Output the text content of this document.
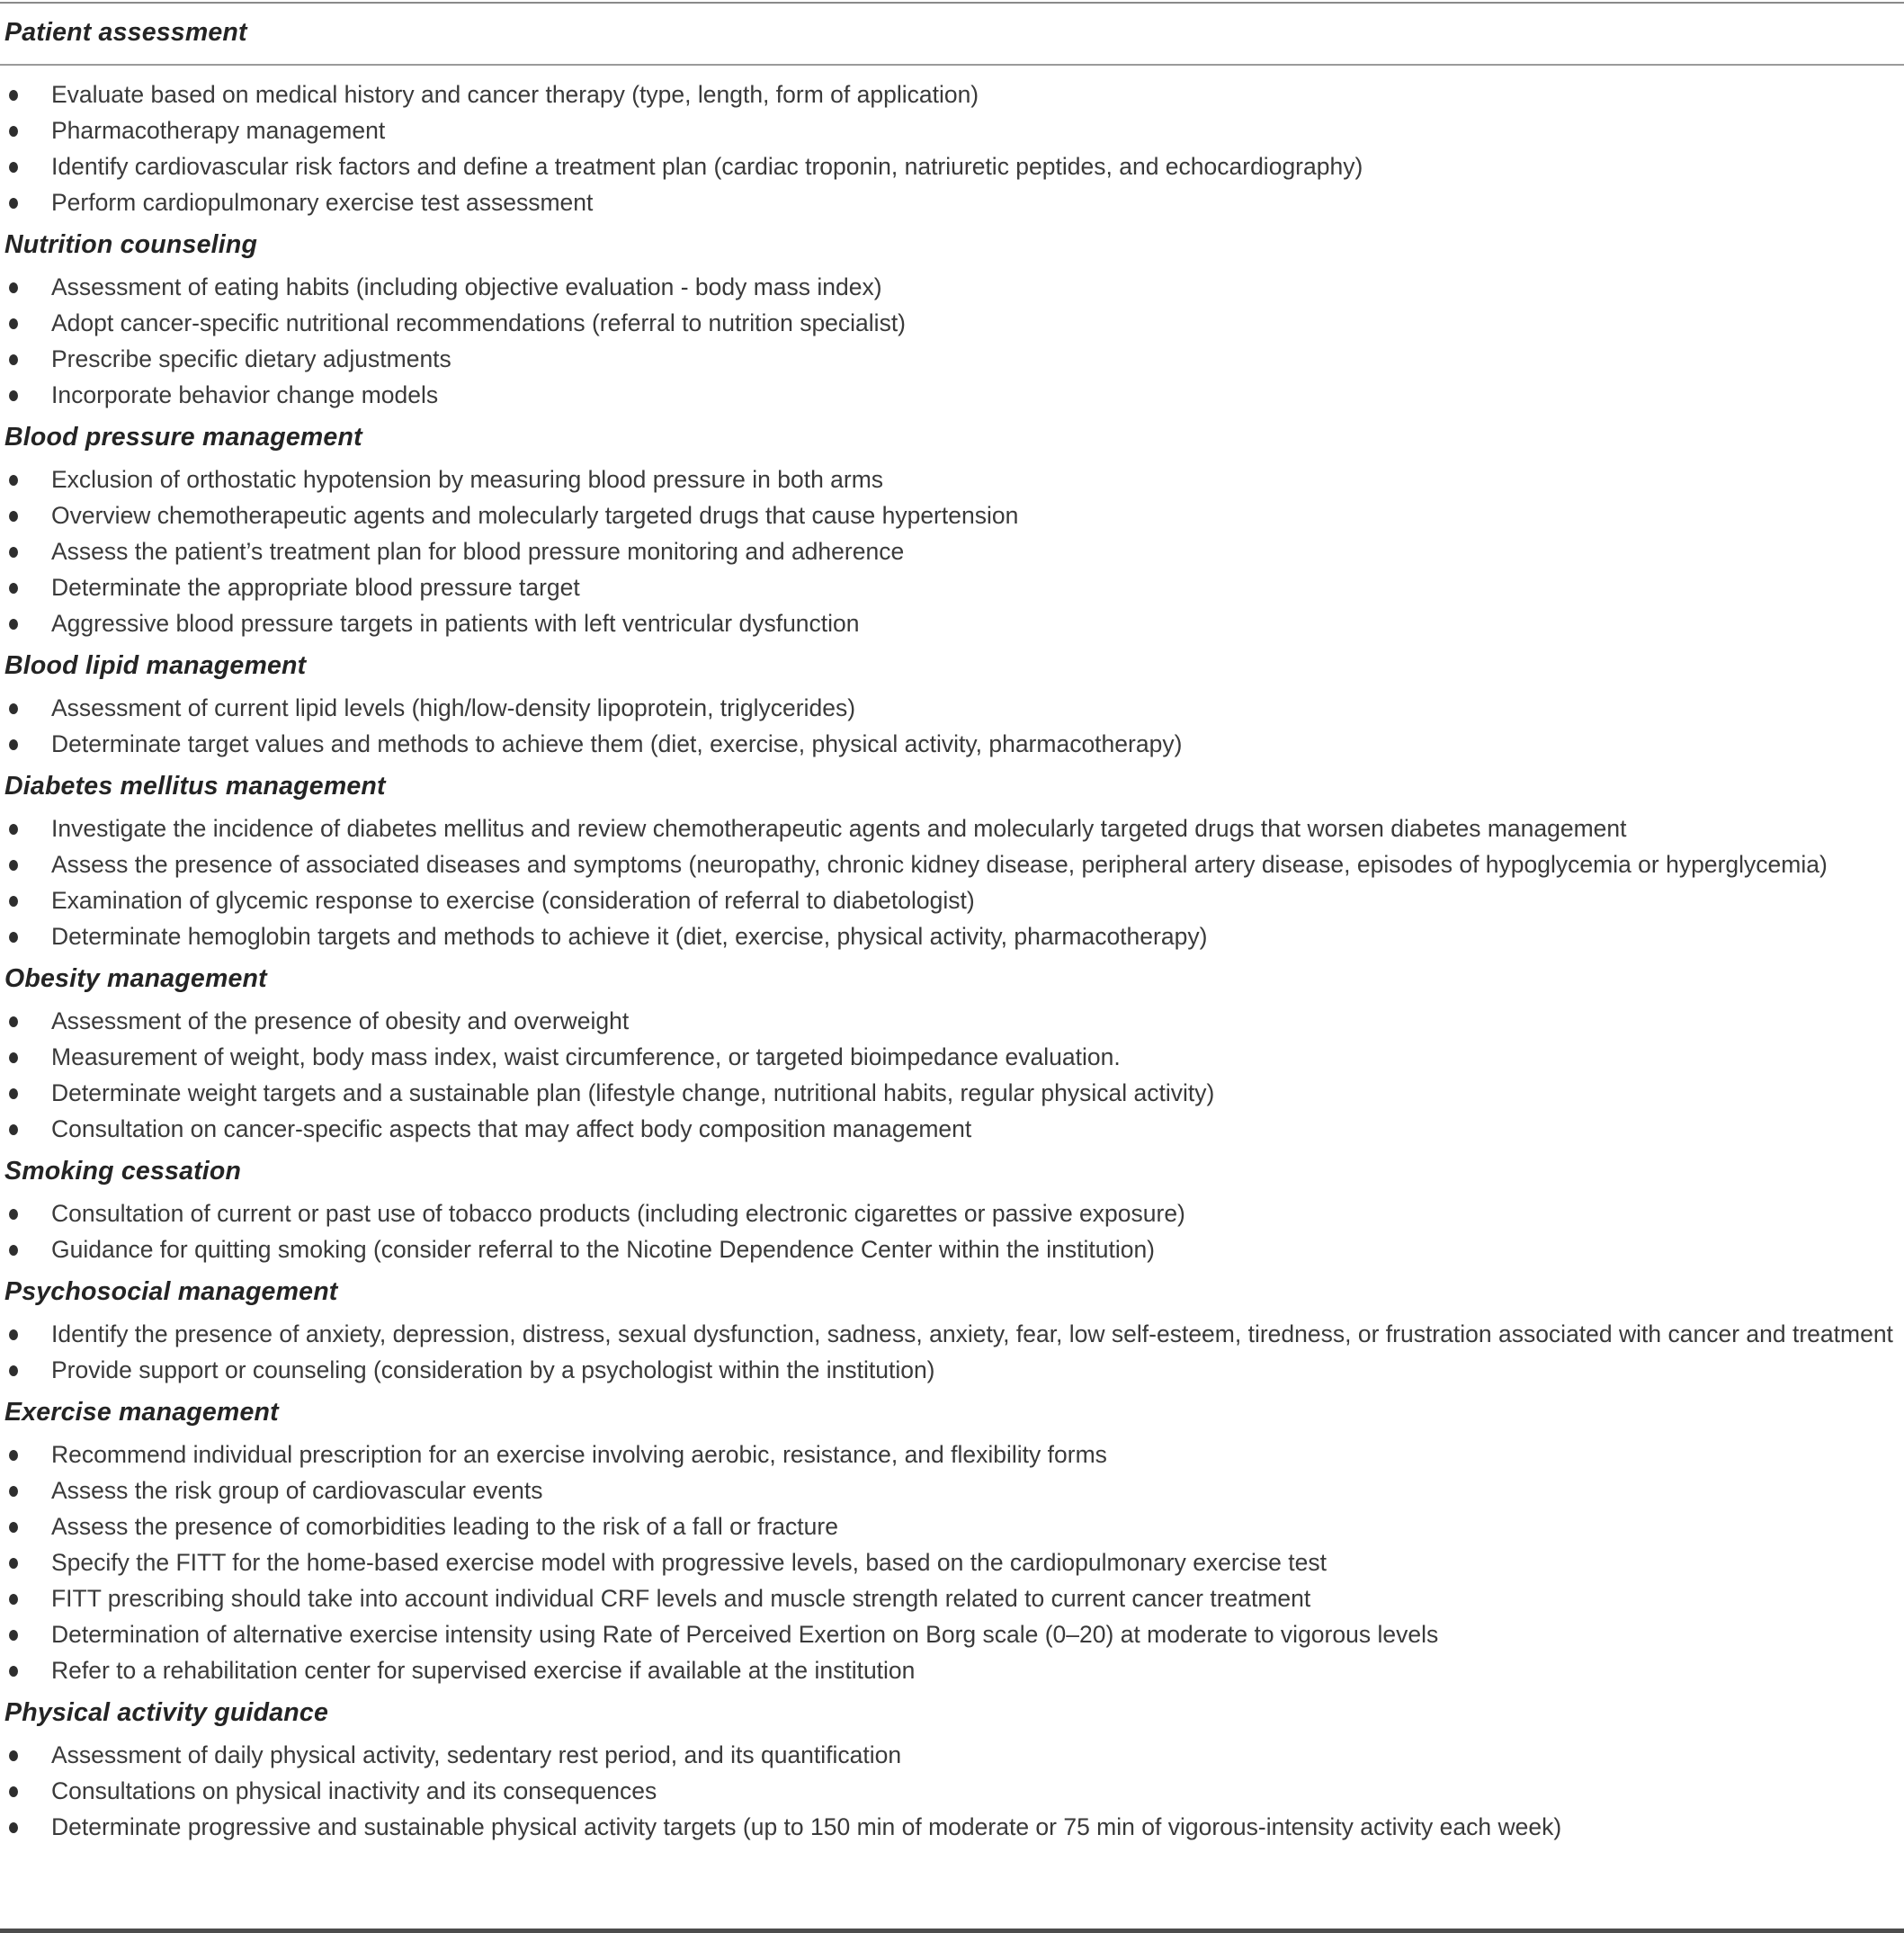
Patient assessment
Evaluate based on medical history and cancer therapy (type, length, form of application)
Pharmacotherapy management
Identify cardiovascular risk factors and define a treatment plan (cardiac troponin, natriuretic peptides, and echocardiography)
Perform cardiopulmonary exercise test assessment
Nutrition counseling
Assessment of eating habits (including objective evaluation - body mass index)
Adopt cancer-specific nutritional recommendations (referral to nutrition specialist)
Prescribe specific dietary adjustments
Incorporate behavior change models
Blood pressure management
Exclusion of orthostatic hypotension by measuring blood pressure in both arms
Overview chemotherapeutic agents and molecularly targeted drugs that cause hypertension
Assess the patient’s treatment plan for blood pressure monitoring and adherence
Determinate the appropriate blood pressure target
Aggressive blood pressure targets in patients with left ventricular dysfunction
Blood lipid management
Assessment of current lipid levels (high/low-density lipoprotein, triglycerides)
Determinate target values and methods to achieve them (diet, exercise, physical activity, pharmacotherapy)
Diabetes mellitus management
Investigate the incidence of diabetes mellitus and review chemotherapeutic agents and molecularly targeted drugs that worsen diabetes management
Assess the presence of associated diseases and symptoms (neuropathy, chronic kidney disease, peripheral artery disease, episodes of hypoglycemia or hyperglycemia)
Examination of glycemic response to exercise (consideration of referral to diabetologist)
Determinate hemoglobin targets and methods to achieve it (diet, exercise, physical activity, pharmacotherapy)
Obesity management
Assessment of the presence of obesity and overweight
Measurement of weight, body mass index, waist circumference, or targeted bioimpedance evaluation.
Determinate weight targets and a sustainable plan (lifestyle change, nutritional habits, regular physical activity)
Consultation on cancer-specific aspects that may affect body composition management
Smoking cessation
Consultation of current or past use of tobacco products (including electronic cigarettes or passive exposure)
Guidance for quitting smoking (consider referral to the Nicotine Dependence Center within the institution)
Psychosocial management
Identify the presence of anxiety, depression, distress, sexual dysfunction, sadness, anxiety, fear, low self-esteem, tiredness, or frustration associated with cancer and treatment
Provide support or counseling (consideration by a psychologist within the institution)
Exercise management
Recommend individual prescription for an exercise involving aerobic, resistance, and flexibility forms
Assess the risk group of cardiovascular events
Assess the presence of comorbidities leading to the risk of a fall or fracture
Specify the FITT for the home-based exercise model with progressive levels, based on the cardiopulmonary exercise test
FITT prescribing should take into account individual CRF levels and muscle strength related to current cancer treatment
Determination of alternative exercise intensity using Rate of Perceived Exertion on Borg scale (0–20) at moderate to vigorous levels
Refer to a rehabilitation center for supervised exercise if available at the institution
Physical activity guidance
Assessment of daily physical activity, sedentary rest period, and its quantification
Consultations on physical inactivity and its consequences
Determinate progressive and sustainable physical activity targets (up to 150 min of moderate or 75 min of vigorous-intensity activity each week)
